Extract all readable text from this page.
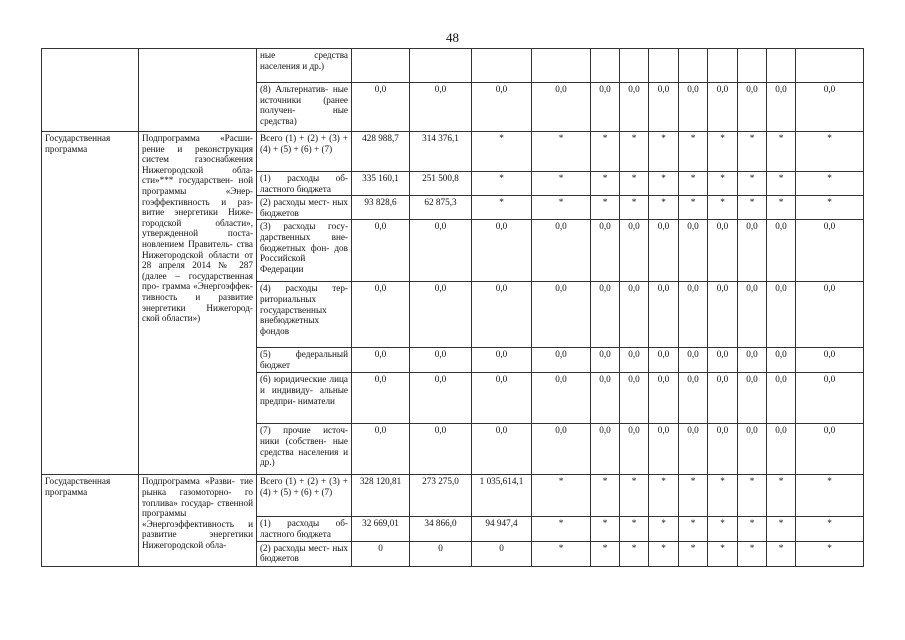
48
		ные средства населения и др.)													
		(8) Альтернатив- ные источники (ранее получен- ные средства)	0,0	0,0	0,0	0,0	0,0	0,0	0,0	0,0	0,0	0,0	0,0	0,0	
Государственная программа	Подпрограмма «Расши- рение и реконструкция систем газоснабжения Нижегородской обла- сти»*** государствен- ной программы «Энер- гоэффективность и раз- витие энергетики Ниже- городской области», утвержденной поста- новлением Правитель- ства Нижегородской области от 28 апреля 2014 № 287 (далее – государственная про- грамма «Энергоэффек- тивность и развитие энергетики Нижегород- ской области»)	Всего (1) + (2) + (3) + (4) + (5) + (6) + (7)	428 988,7	314 376,1	*	*	*	*	*	*	*	*	*	*	
		(1) расходы об- ластного бюджета	335 160,1	251 500,8	*	*	*	*	*	*	*	*	*	*	
		(2) расходы мест- ных бюджетов	93 828,6	62 875,3	*	*	*	*	*	*	*	*	*	*	
		(3) расходы госу- дарственных вне- бюджетных фон- дов Российской Федерации	0,0	0,0	0,0	0,0	0,0	0,0	0,0	0,0	0,0	0,0	0,0	0,0	
		(4) расходы тер- риториальных государственных внебюджетных фондов	0,0	0,0	0,0	0,0	0,0	0,0	0,0	0,0	0,0	0,0	0,0	0,0	
		(5) федеральный бюджет	0,0	0,0	0,0	0,0	0,0	0,0	0,0	0,0	0,0	0,0	0,0	0,0	
		(6) юридические лица и индивиду- альные предпри- ниматели	0,0	0,0	0,0	0,0	0,0	0,0	0,0	0,0	0,0	0,0	0,0	0,0	
		(7) прочие источ- ники (собствен- ные средства населения и др.)	0,0	0,0	0,0	0,0	0,0	0,0	0,0	0,0	0,0	0,0	0,0	0,0	
Государственная программа	Подпрограмма «Разви- тие рынка газомоторно- го топлива» государ- ственной программы «Энергоэффективность и развитие энергетики Нижегородской обла-	Всего (1) + (2) + (3) + (4) + (5) + (6) + (7)	328 120,81	273 275,0	1 035,614,1	*	*	*	*	*	*	*	*	*	
		(1) расходы об- ластного бюджета	32 669,01	34 866,0	94 947,4	*	*	*	*	*	*	*	*	*	
		(2) расходы мест- ных бюджетов	0	0	0	*	*	*	*	*	*	*	*	*	
